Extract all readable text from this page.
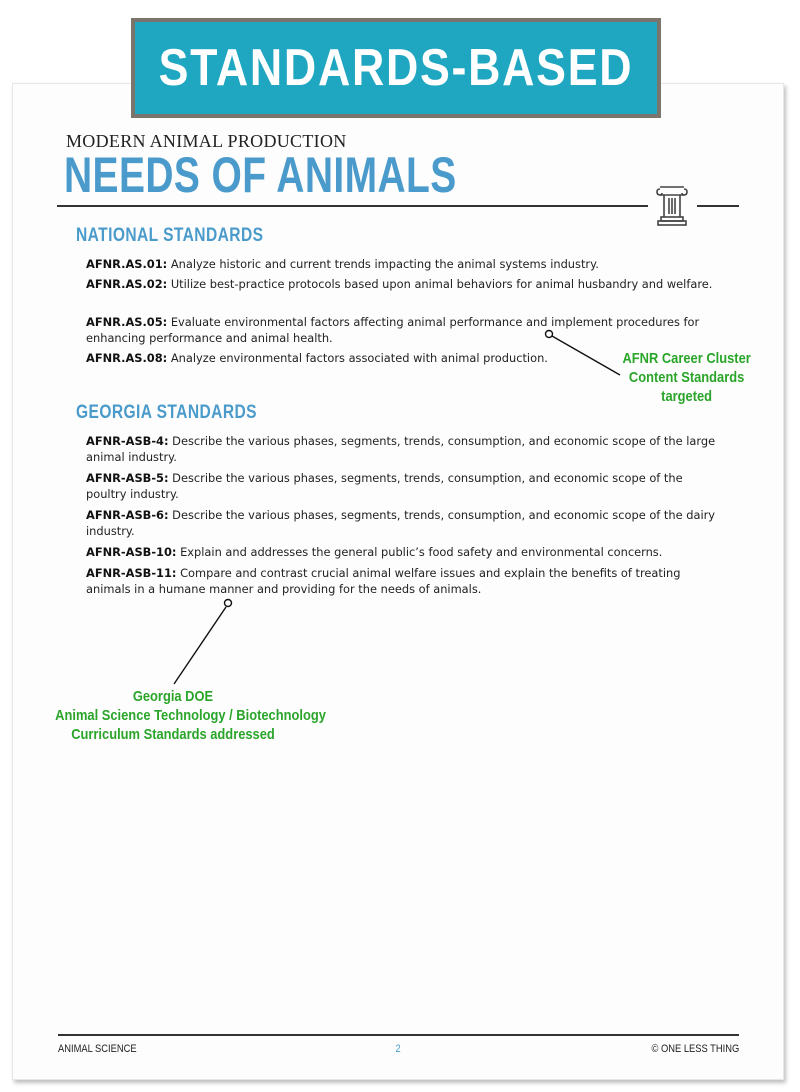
STANDARDS-BASED
MODERN ANIMAL PRODUCTION
NEEDS OF ANIMALS
NATIONAL STANDARDS
AFNR.AS.01: Analyze historic and current trends impacting the animal systems industry.
AFNR.AS.02: Utilize best-practice protocols based upon animal behaviors for animal husbandry and welfare.
AFNR.AS.05: Evaluate environmental factors affecting animal performance and implement procedures for enhancing performance and animal health.
AFNR.AS.08: Analyze environmental factors associated with animal production.	AFNR Career Cluster
Content Standards
targeted
GEORGIA STANDARDS
AFNR-ASB-4: Describe the various phases, segments, trends, consumption, and economic scope of the large animal industry.
AFNR-ASB-5: Describe the various phases, segments, trends, consumption, and economic scope of the poultry industry.
AFNR-ASB-6: Describe the various phases, segments, trends, consumption, and economic scope of the dairy industry.
AFNR-ASB-10: Explain and addresses the general public’s food safety and environmental concerns.
AFNR-ASB-11: Compare and contrast crucial animal welfare issues and explain the benefits of treating animals in a humane manner and providing for the needs of animals.
Georgia DOE
Animal Science Technology / Biotechnology
Curriculum Standards addressed
ANIMAL SCIENCE	2	© ONE LESS THING
